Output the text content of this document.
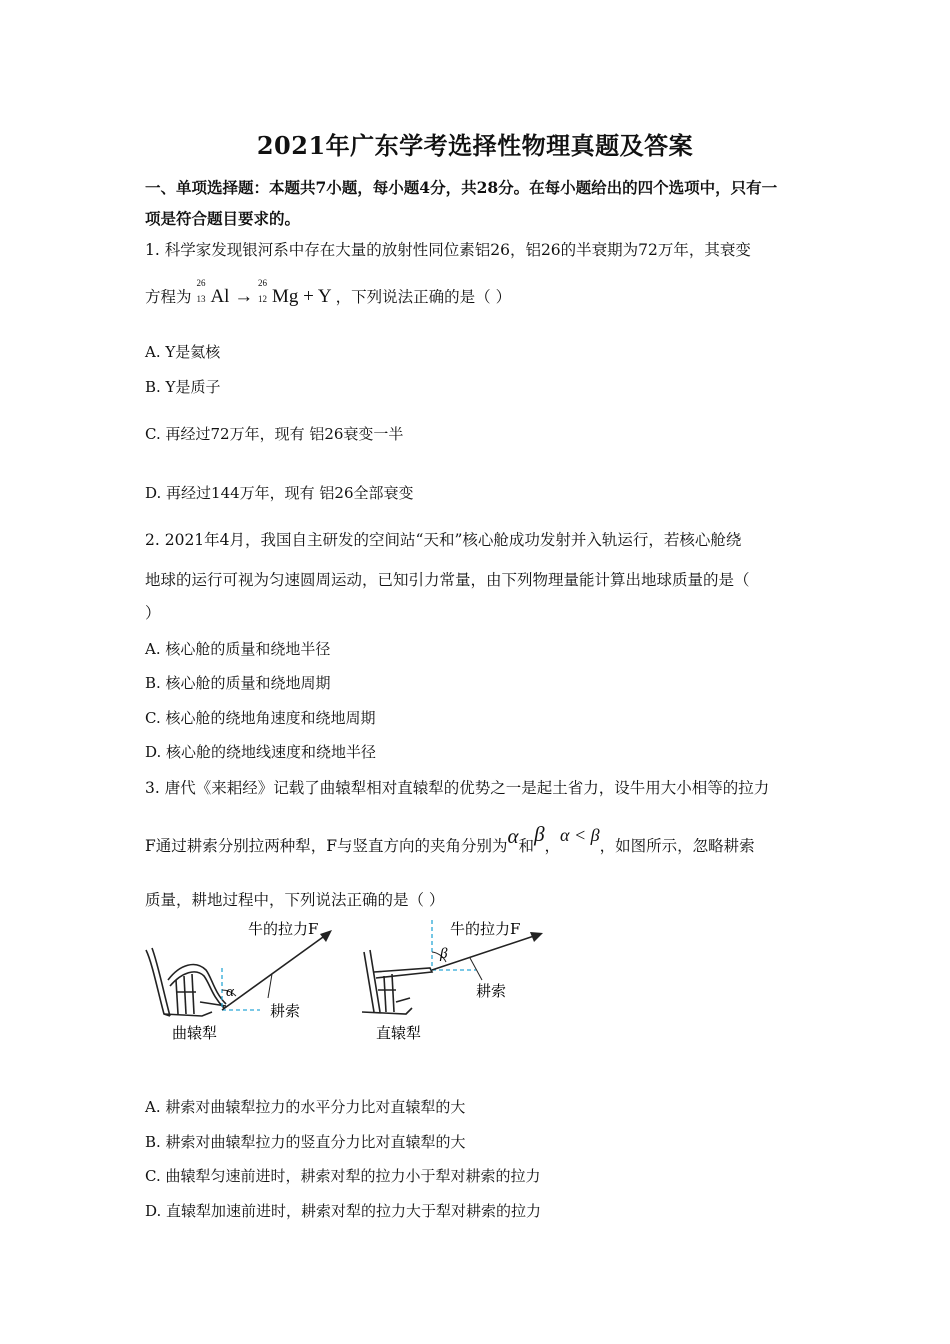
2021年广东学考选择性物理真题及答案
一、单项选择题：本题共7小题，每小题4分，共28分。在每小题给出的四个选项中，只有一
项是符合题目要求的。
1. 科学家发现银河系中存在大量的放射性同位素铝26，铝26的半衰期为72万年，其衰变
方程为
26
13 Al →
26
12 Mg + Y ，下列说法正确的是（ ）
A. Y是氦核
B. Y是质子
C. 再经过72万年，现有 铝26衰变一半
D. 再经过144万年，现有 铝26全部衰变
2. 2021年4月，我国自主研发的空间站“天和”核心舱成功发射并入轨运行，若核心舱绕
地球的运行可视为匀速圆周运动，已知引力常量，由下列物理量能计算出地球质量的是（
）
A. 核心舱的质量和绕地半径
B. 核心舱的质量和绕地周期
C. 核心舱的绕地角速度和绕地周期
D. 核心舱的绕地线速度和绕地半径
3. 唐代《来耜经》记载了曲辕犁相对直辕犁的优势之一是起土省力，设牛用大小相等的拉力
F通过耕索分别拉两种犁，F与竖直方向的夹角分别为α和β，α < β，如图所示，忽略耕索
质量，耕地过程中，下列说法正确的是（ ）
牛的拉力F
α
耕索
曲辕犁
牛的拉力F
β
耕索
直辕犁
A. 耕索对曲辕犁拉力的水平分力比对直辕犁的大
B. 耕索对曲辕犁拉力的竖直分力比对直辕犁的大
C. 曲辕犁匀速前进时，耕索对犁的拉力小于犁对耕索的拉力
D. 直辕犁加速前进时，耕索对犁的拉力大于犁对耕索的拉力
